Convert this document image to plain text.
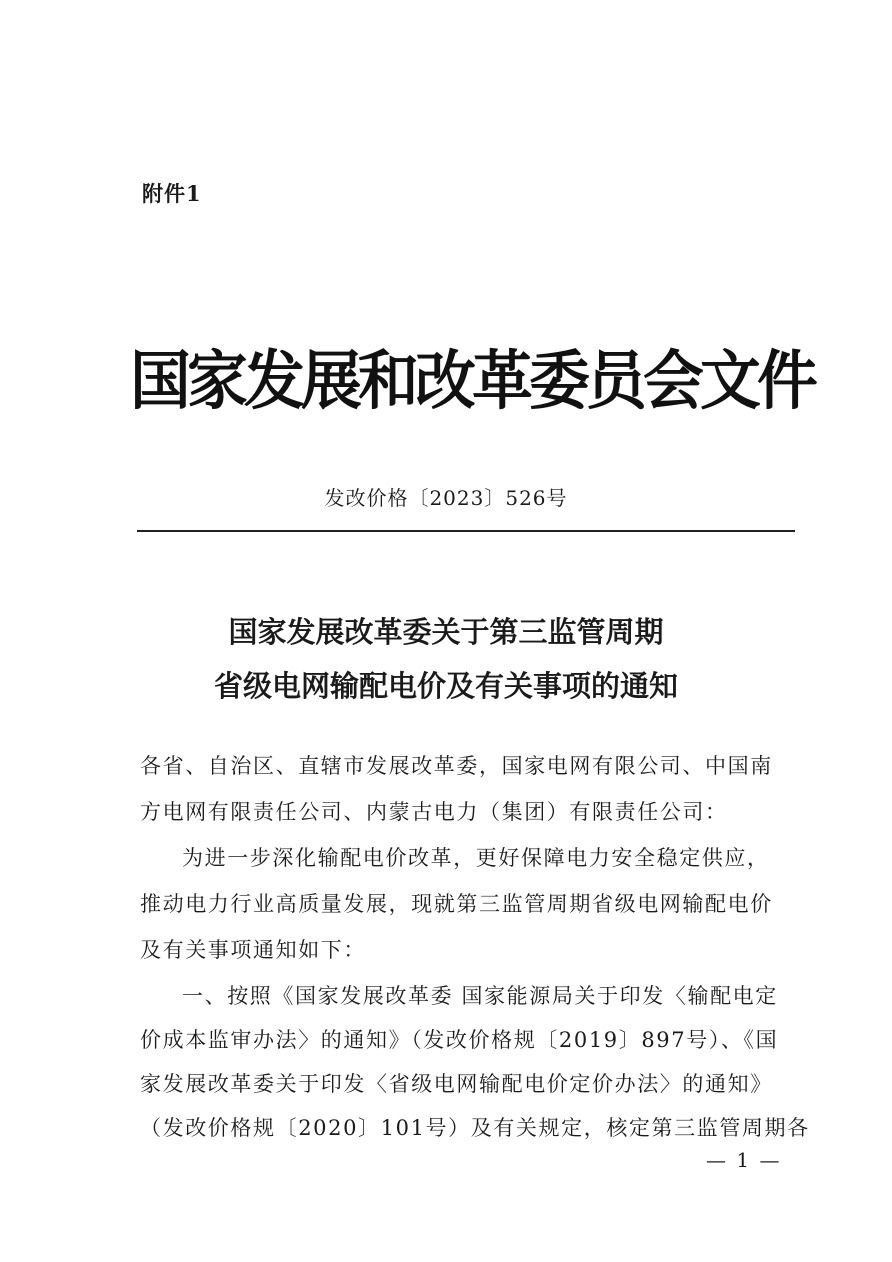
附件1
国家发展和改革委员会文件
发改价格〔2023〕526号
国家发展改革委关于第三监管周期
省级电网输配电价及有关事项的通知
各省、自治区、直辖市发展改革委，国家电网有限公司、中国南
方电网有限责任公司、内蒙古电力（集团）有限责任公司：
为进一步深化输配电价改革，更好保障电力安全稳定供应，
推动电力行业高质量发展，现就第三监管周期省级电网输配电价
及有关事项通知如下：
一、按照《国家发展改革委 国家能源局关于印发〈输配电定
价成本监审办法〉的通知》（发改价格规〔2019〕897号）、《国
家发展改革委关于印发〈省级电网输配电价定价办法〉的通知》
（发改价格规〔2020〕101号）及有关规定，核定第三监管周期各
— 1 —
